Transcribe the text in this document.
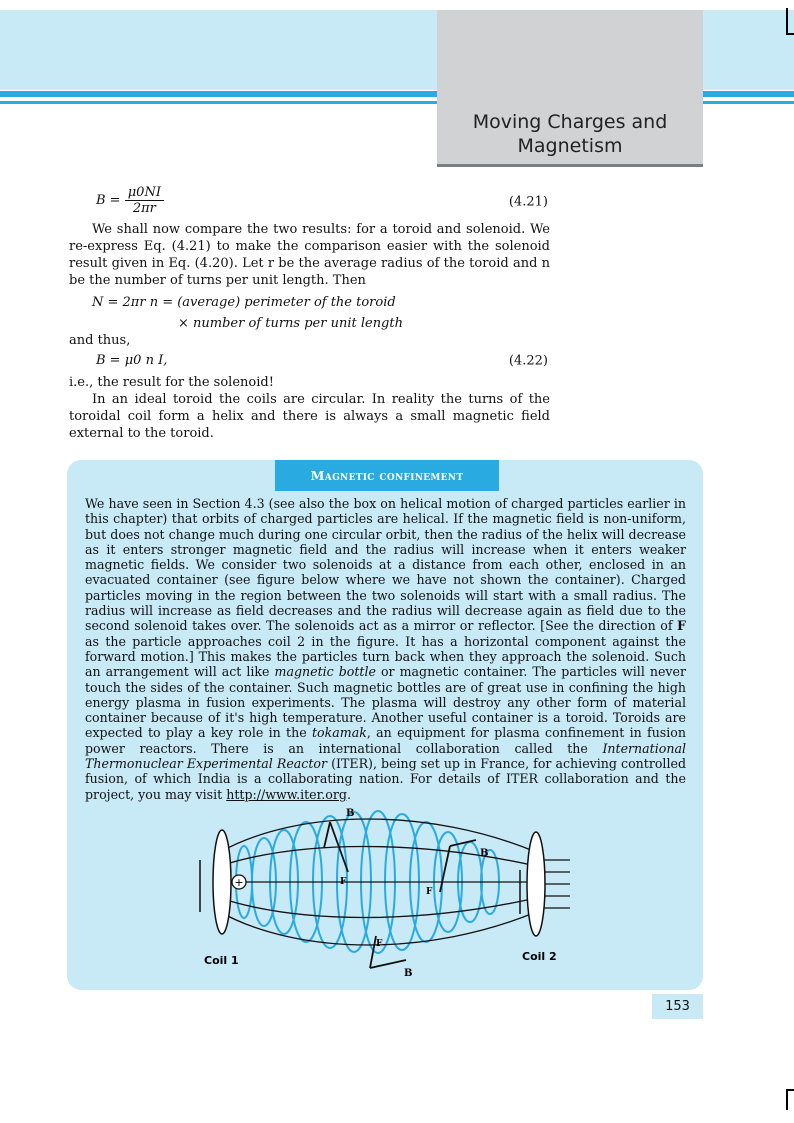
Moving Charges and
Magnetism
$B = \frac{\mu 0NI}{2\pi r}$	(4.21)

We shall now compare the two results: for a toroid and solenoid. We re-express Eq. (4.21) to make the comparison easier with the solenoid result given in Eq. (4.20). Let r be the average radius of the toroid and n be the number of turns per unit length. Then

N = 2πr n = (average) perimeter of the toroid
× number of turns per unit length
and thus,
B = μ0 n I,	(4.22)
i.e., the result for the solenoid!

In an ideal toroid the coils are circular. In reality the turns of the toroidal coil form a helix and there is always a small magnetic field external to the toroid.

Magnetic confinement

We have seen in Section 4.3 (see also the box on helical motion of charged particles earlier in this chapter) that orbits of charged particles are helical. If the magnetic field is non-uniform, but does not change much during one circular orbit, then the radius of the helix will decrease as it enters stronger magnetic field and the radius will increase when it enters weaker magnetic fields. We consider two solenoids at a distance from each other, enclosed in an evacuated container (see figure below where we have not shown the container). Charged particles moving in the region between the two solenoids will start with a small radius. The radius will increase as field decreases and the radius will decrease again as field due to the second solenoid takes over. The solenoids act as a mirror or reflector. [See the direction of F as the particle approaches coil 2 in the figure. It has a horizontal component against the forward motion.] This makes the particles turn back when they approach the solenoid. Such an arrangement will act like magnetic bottle or magnetic container. The particles will never touch the sides of the container. Such magnetic bottles are of great use in confining the high energy plasma in fusion experiments. The plasma will destroy any other form of material container because of it's high temperature. Another useful container is a toroid. Toroids are expected to play a key role in the tokamak, an equipment for plasma confinement in fusion power reactors. There is an international collaboration called the International Thermonuclear Experimental Reactor (ITER), being set up in France, for achieving controlled fusion, of which India is a collaborating nation. For details of ITER collaboration and the project, you may visit http://www.iter.org.

+
B
B
B
F
F
F
Coil 1	Coil 2
153
